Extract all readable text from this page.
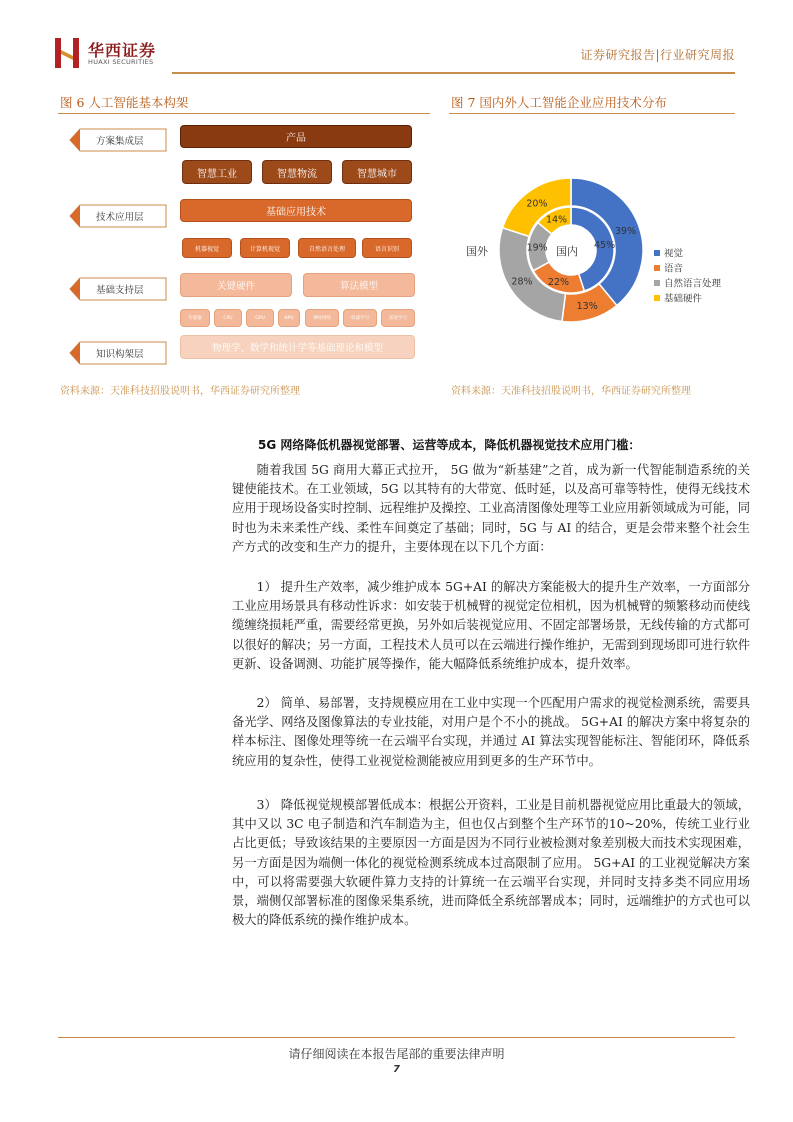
华西证券
HUAXI SECURITIES	证券研究报告|行业研究周报
图 6 人工智能基本构架	图 7 国内外人工智能企业应用技术分布
方案集成层
技术应用层
基础支持层
知识构架层
产品
智慧工业	智慧物流	智慧城市
基础应用技术
机器视觉	计算机视觉	自然语言处理	语言识别
关键硬件	算法模型
传感器	CPU	GPU	NPU	神经网络	机器学习	深度学习
物理学、数学和统计学等基础理论和模型
39%
13%
28%
20%
45%
22%
19%
14%
国外	国内	视觉
语音
自然语言处理
基础硬件
资料来源：天准科技招股说明书，华西证券研究所整理	资料来源：天准科技招股说明书，华西证券研究所整理
5G 网络降低机器视觉部署、运营等成本，降低机器视觉技术应用门槛：
随着我国 5G 商用大幕正式拉开， 5G 做为“新基建”之首，成为新一代智能制造系统的关键使能技术。在工业领域，5G 以其特有的大带宽、低时延，以及高可靠等特性，使得无线技术应用于现场设备实时控制、远程维护及操控、工业高清图像处理等工业应用新领域成为可能，同时也为未来柔性产线、柔性车间奠定了基础；同时，5G 与 AI 的结合，更是会带来整个社会生产方式的改变和生产力的提升，主要体现在以下几个方面：
1） 提升生产效率，减少维护成本 5G+AI 的解决方案能极大的提升生产效率，一方面部分工业应用场景具有移动性诉求：如安装于机械臂的视觉定位相机，因为机械臂的频繁移动而使线缆缠绕损耗严重，需要经常更换，另外如后装视觉应用、不固定部署场景，无线传输的方式都可以很好的解决；另一方面，工程技术人员可以在云端进行操作维护，无需到到现场即可进行软件更新、设备调测、功能扩展等操作，能大幅降低系统维护成本，提升效率。
2） 简单、易部署，支持规模应用在工业中实现一个匹配用户需求的视觉检测系统，需要具备光学、网络及图像算法的专业技能，对用户是个不小的挑战。 5G+AI 的解决方案中将复杂的样本标注、图像处理等统一在云端平台实现，并通过 AI 算法实现智能标注、智能闭环，降低系统应用的复杂性，使得工业视觉检测能被应用到更多的生产环节中。
3） 降低视觉规模部署低成本：根据公开资料，工业是目前机器视觉应用比重最大的领域， 其中又以 3C 电子制造和汽车制造为主，但也仅占到整个生产环节的10~20%，传统工业行业占比更低；导致该结果的主要原因一方面是因为不同行业被检测对象差别极大而技术实现困难，另一方面是因为端侧一体化的视觉检测系统成本过高限制了应用。 5G+AI 的工业视觉解决方案中，可以将需要强大软硬件算力支持的计算统一在云端平台实现，并同时支持多类不同应用场景，端侧仅部署标准的图像采集系统，进而降低全系统部署成本；同时，远端维护的方式也可以极大的降低系统的操作维护成本。
请仔细阅读在本报告尾部的重要法律声明
7
